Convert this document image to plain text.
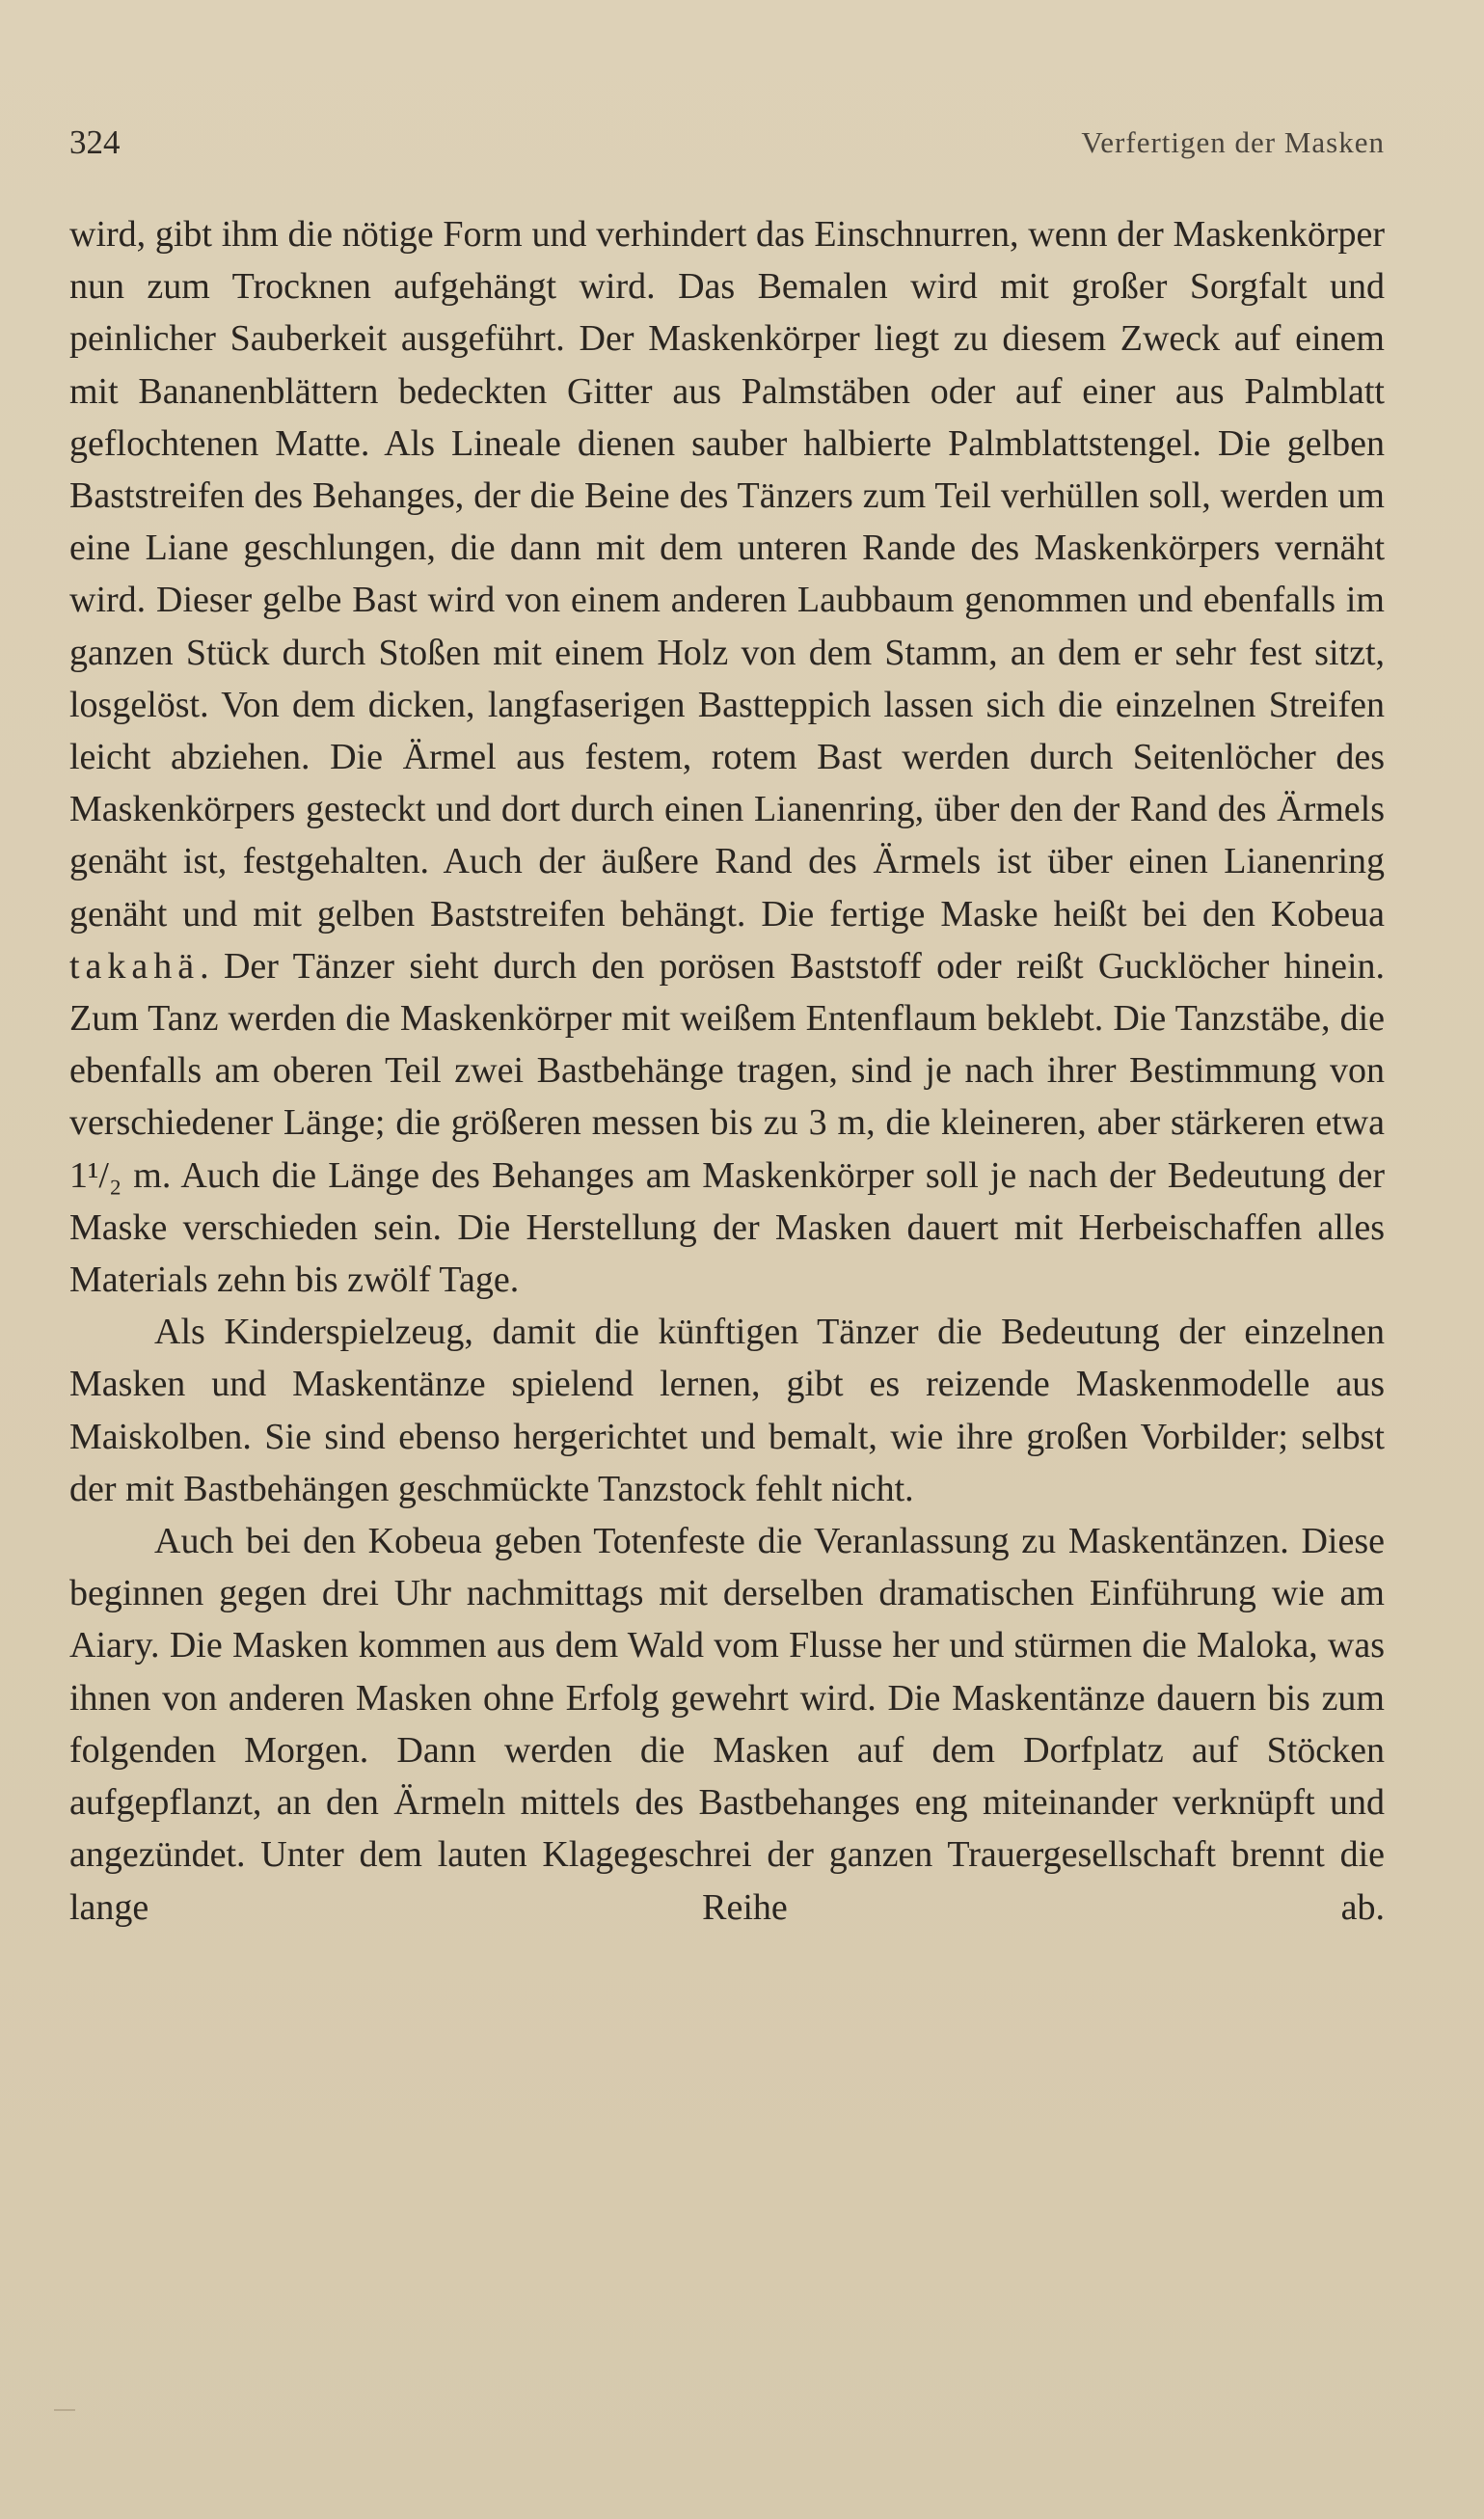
324	Verfertigen der Masken

wird, gibt ihm die nötige Form und verhindert das Einschnurren, wenn der Maskenkörper nun zum Trocknen aufgehängt wird. Das Bemalen wird mit großer Sorgfalt und peinlicher Sauberkeit ausgeführt. Der Maskenkörper liegt zu diesem Zweck auf einem mit Bananenblättern bedeckten Gitter aus Palmstäben oder auf einer aus Palmblatt geflochtenen Matte. Als Lineale dienen sauber halbierte Palmblattstengel. Die gelben Baststreifen des Behanges, der die Beine des Tänzers zum Teil verhüllen soll, werden um eine Liane geschlungen, die dann mit dem unteren Rande des Maskenkörpers vernäht wird. Dieser gelbe Bast wird von einem anderen Laubbaum genommen und ebenfalls im ganzen Stück durch Stoßen mit einem Holz von dem Stamm, an dem er sehr fest sitzt, losgelöst. Von dem dicken, langfaserigen Bastteppich lassen sich die einzelnen Streifen leicht abziehen. Die Ärmel aus festem, rotem Bast werden durch Seitenlöcher des Maskenkörpers gesteckt und dort durch einen Lianenring, über den der Rand des Ärmels genäht ist, festgehalten. Auch der äußere Rand des Ärmels ist über einen Lianenring genäht und mit gelben Baststreifen behängt. Die fertige Maske heißt bei den Kobeua takahä. Der Tänzer sieht durch den porösen Baststoff oder reißt Gucklöcher hinein. Zum Tanz werden die Maskenkörper mit weißem Entenflaum beklebt. Die Tanzstäbe, die ebenfalls am oberen Teil zwei Bastbehänge tragen, sind je nach ihrer Bestimmung von verschiedener Länge; die größeren messen bis zu 3 m, die kleineren, aber stärkeren etwa 1¹/₂ m. Auch die Länge des Behanges am Maskenkörper soll je nach der Bedeutung der Maske verschieden sein. Die Herstellung der Masken dauert mit Herbeischaffen alles Materials zehn bis zwölf Tage.

Als Kinderspielzeug, damit die künftigen Tänzer die Bedeutung der einzelnen Masken und Maskentänze spielend lernen, gibt es reizende Maskenmodelle aus Maiskolben. Sie sind ebenso hergerichtet und bemalt, wie ihre großen Vorbilder; selbst der mit Bastbehängen geschmückte Tanzstock fehlt nicht.

Auch bei den Kobeua geben Totenfeste die Veranlassung zu Maskentänzen. Diese beginnen gegen drei Uhr nachmittags mit derselben dramatischen Einführung wie am Aiary. Die Masken kommen aus dem Wald vom Flusse her und stürmen die Maloka, was ihnen von anderen Masken ohne Erfolg gewehrt wird. Die Maskentänze dauern bis zum folgenden Morgen. Dann werden die Masken auf dem Dorfplatz auf Stöcken aufgepflanzt, an den Ärmeln mittels des Bastbehanges eng miteinander verknüpft und angezündet. Unter dem lauten Klagegeschrei der ganzen Trauergesellschaft brennt die lange Reihe ab.
